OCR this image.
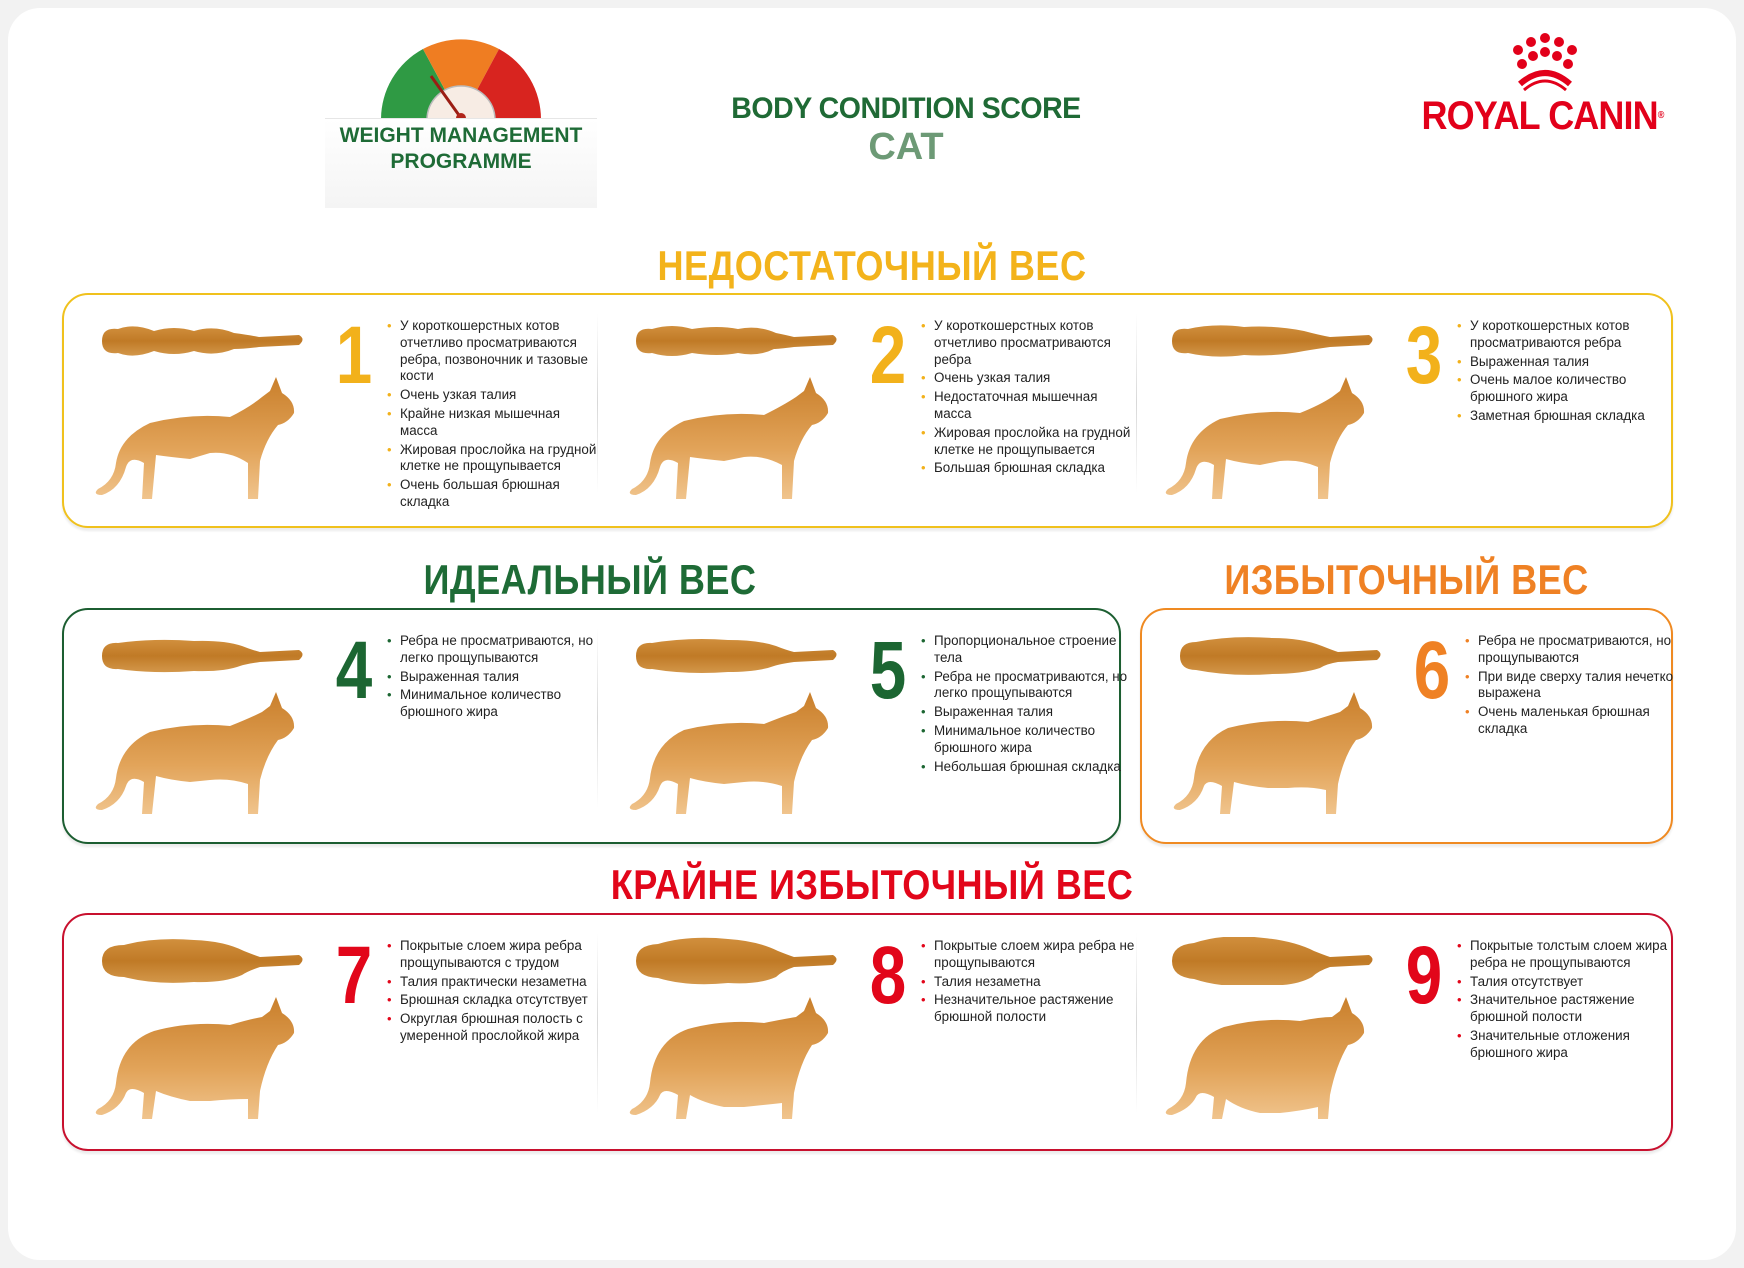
WEIGHT MANAGEMENT
PROGRAMME
BODY CONDITION SCORE
CAT
ROYAL CANIN®
НЕДОСТАТОЧНЫЙ ВЕС
ИДЕАЛЬНЫЙ ВЕС	ИЗБЫТОЧНЫЙ ВЕС
КРАЙНЕ ИЗБЫТОЧНЫЙ ВЕС
1	• У короткошерстных котов отчетливо просматриваются ребра, позвоночник и тазовые кости
• Очень узкая талия
• Крайне низкая мышечная масса
• Жировая прослойка на грудной клетке не прощупывается
• Очень большая брюшная складка
2	• У короткошерстных котов отчетливо просматриваются ребра
• Очень узкая талия
• Недостаточная мышечная масса
• Жировая прослойка на грудной клетке не прощупывается
• Большая брюшная складка
3	• У короткошерстных котов просматриваются ребра
• Выраженная талия
• Очень малое количество брюшного жира
• Заметная брюшная складка
4	• Ребра не просматриваются, но легко прощупываются
• Выраженная талия
• Минимальное количество брюшного жира	5	• Пропорциональное строение тела
• Ребра не просматриваются, но легко прощупываются
• Выраженная талия
• Минимальное количество брюшного жира
• Небольшая брюшная складка
6	• Ребра не просматриваются, но прощупываются
• При виде сверху талия нечетко выражена
• Очень маленькая брюшная складка
7	• Покрытые слоем жира ребра прощупываются с трудом
• Талия практически незаметна
• Брюшная складка отсутствует
• Округлая брюшная полость с умеренной прослойкой жира
8	• Покрытые слоем жира ребра не прощупываются
• Талия незаметна
• Незначительное растяжение брюшной полости	9	• Покрытые толстым слоем жира ребра не прощупываются
• Талия отсутствует
• Значительное растяжение брюшной полости
• Значительные отложения брюшного жира
